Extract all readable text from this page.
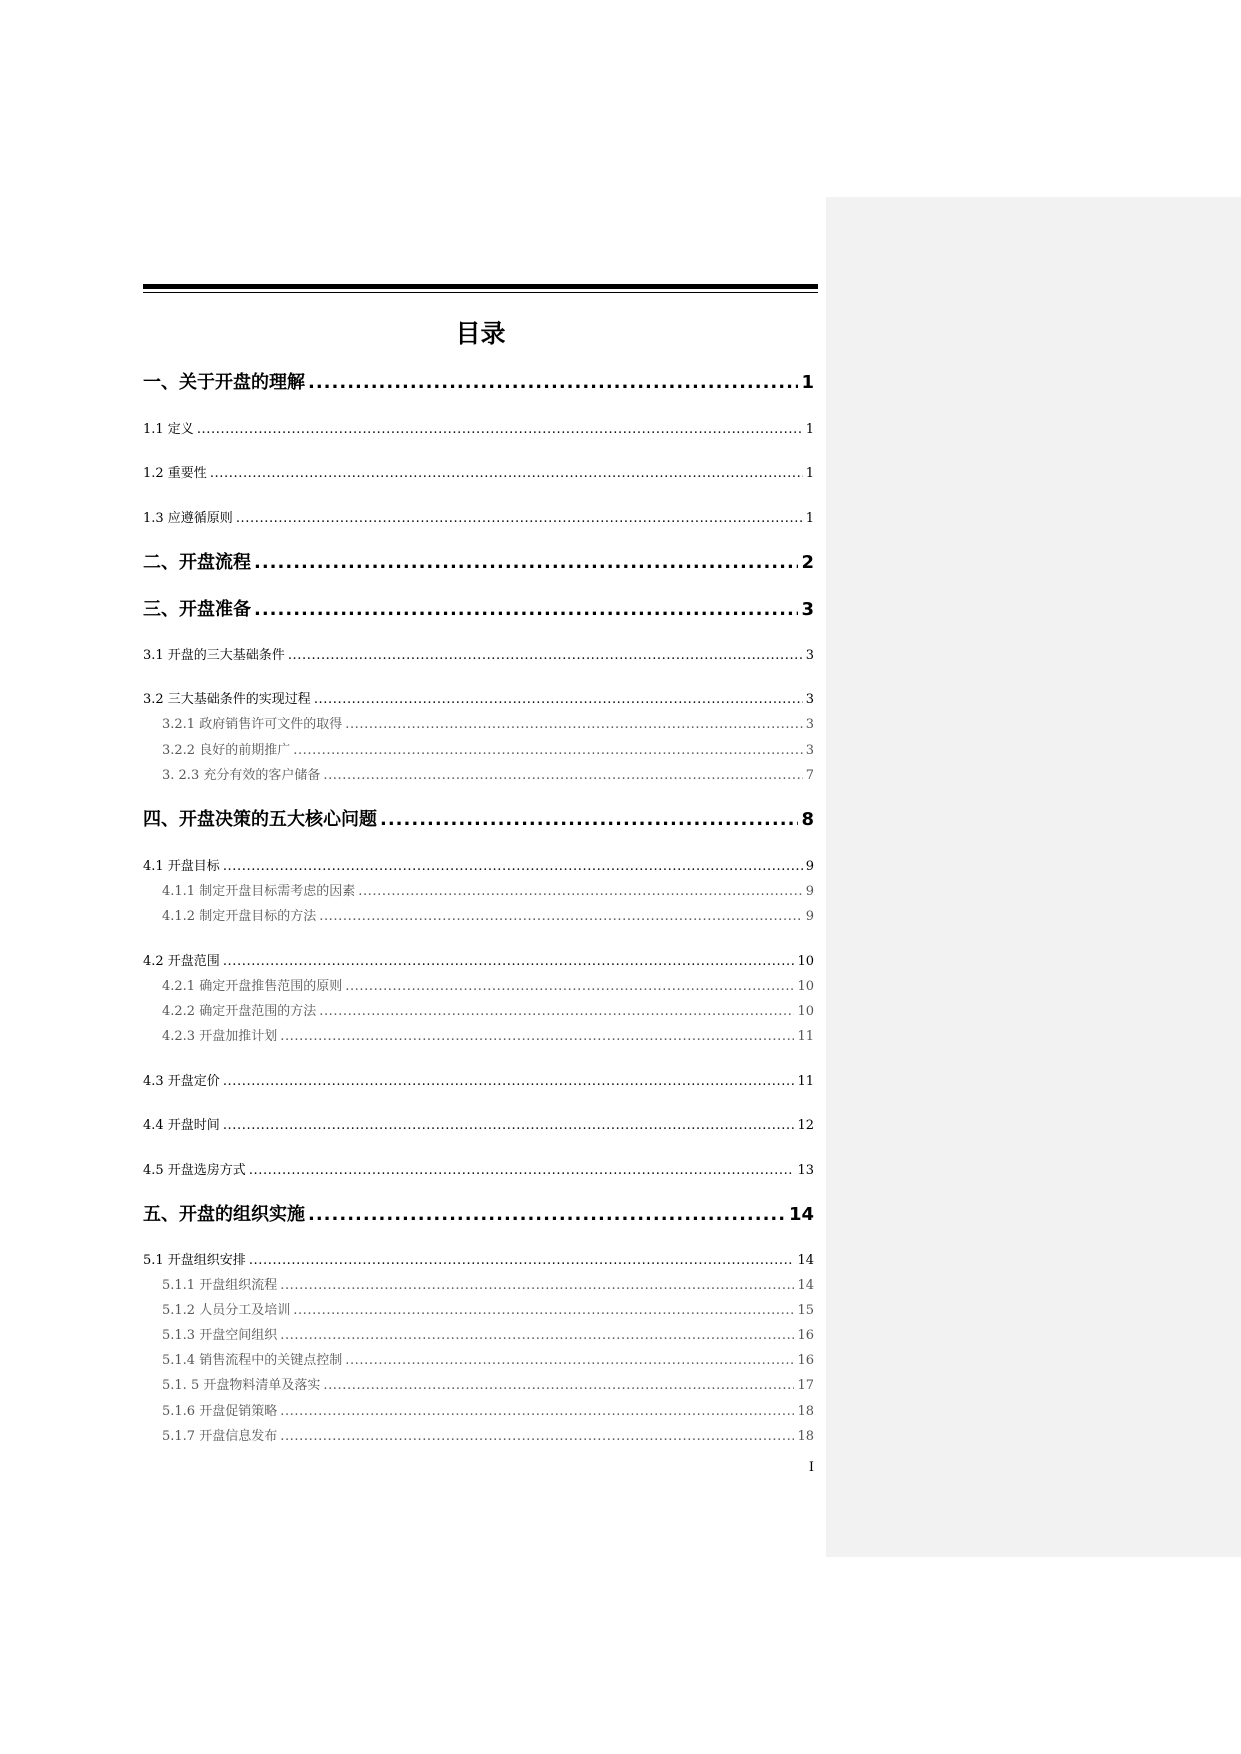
目录
一、关于开盘的理解 .....	1
1.1 定义 .....	1
1.2 重要性 .....	1
1.3 应遵循原则 .....	1
二、开盘流程 .....	2
三、开盘准备 .....	3
3.1 开盘的三大基础条件 .....	3
3.2 三大基础条件的实现过程 .....	3
3.2.1 政府销售许可文件的取得 .....	3
3.2.2 良好的前期推广 .....	3
3. 2.3 充分有效的客户储备 .....	7
四、开盘决策的五大核心问题 .....	8
4.1 开盘目标 .....	9
4.1.1 制定开盘目标需考虑的因素 .....	9
4.1.2 制定开盘目标的方法 .....	9
4.2 开盘范围 .....	10
4.2.1 确定开盘推售范围的原则 .....	10
4.2.2 确定开盘范围的方法 .....	10
4.2.3 开盘加推计划 .....	11
4.3 开盘定价 .....	11
4.4 开盘时间 .....	12
4.5 开盘选房方式 .....	13
五、开盘的组织实施 .....	14
5.1 开盘组织安排 .....	14
5.1.1 开盘组织流程 .....	14
5.1.2 人员分工及培训 .....	15
5.1.3 开盘空间组织 .....	16
5.1.4 销售流程中的关键点控制 .....	16
5.1. 5 开盘物料清单及落实 .....	17
5.1.6 开盘促销策略 .....	18
5.1.7 开盘信息发布 .....	18
I
